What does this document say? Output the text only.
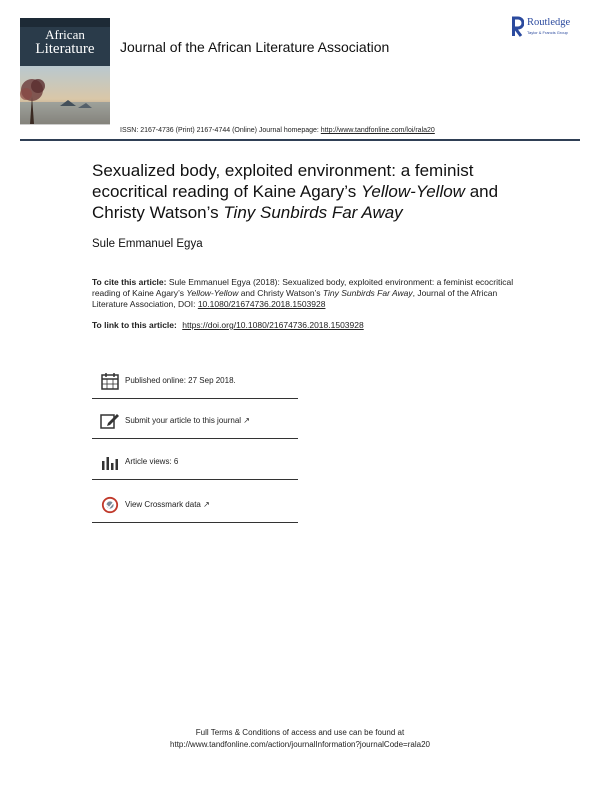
African
Literature	Journal of the African Literature Association
Routledge
Taylor & Francis Group
ISSN: 2167-4736 (Print) 2167-4744 (Online) Journal homepage: http://www.tandfonline.com/loi/rala20
Sexualized body, exploited environment: a feminist ecocritical reading of Kaine Agary’s Yellow-Yellow and Christy Watson’s Tiny Sunbirds Far Away
Sule Emmanuel Egya
To cite this article: Sule Emmanuel Egya (2018): Sexualized body, exploited environment: a feminist ecocritical reading of Kaine Agary’s Yellow-Yellow and Christy Watson’s Tiny Sunbirds Far Away, Journal of the African Literature Association, DOI: 10.1080/21674736.2018.1503928
To link to this article: https://doi.org/10.1080/21674736.2018.1503928
Published online: 27 Sep 2018.
Submit your article to this journal ↗
Article views: 6
View Crossmark data ↗
Full Terms & Conditions of access and use can be found at
http://www.tandfonline.com/action/journalInformation?journalCode=rala20
